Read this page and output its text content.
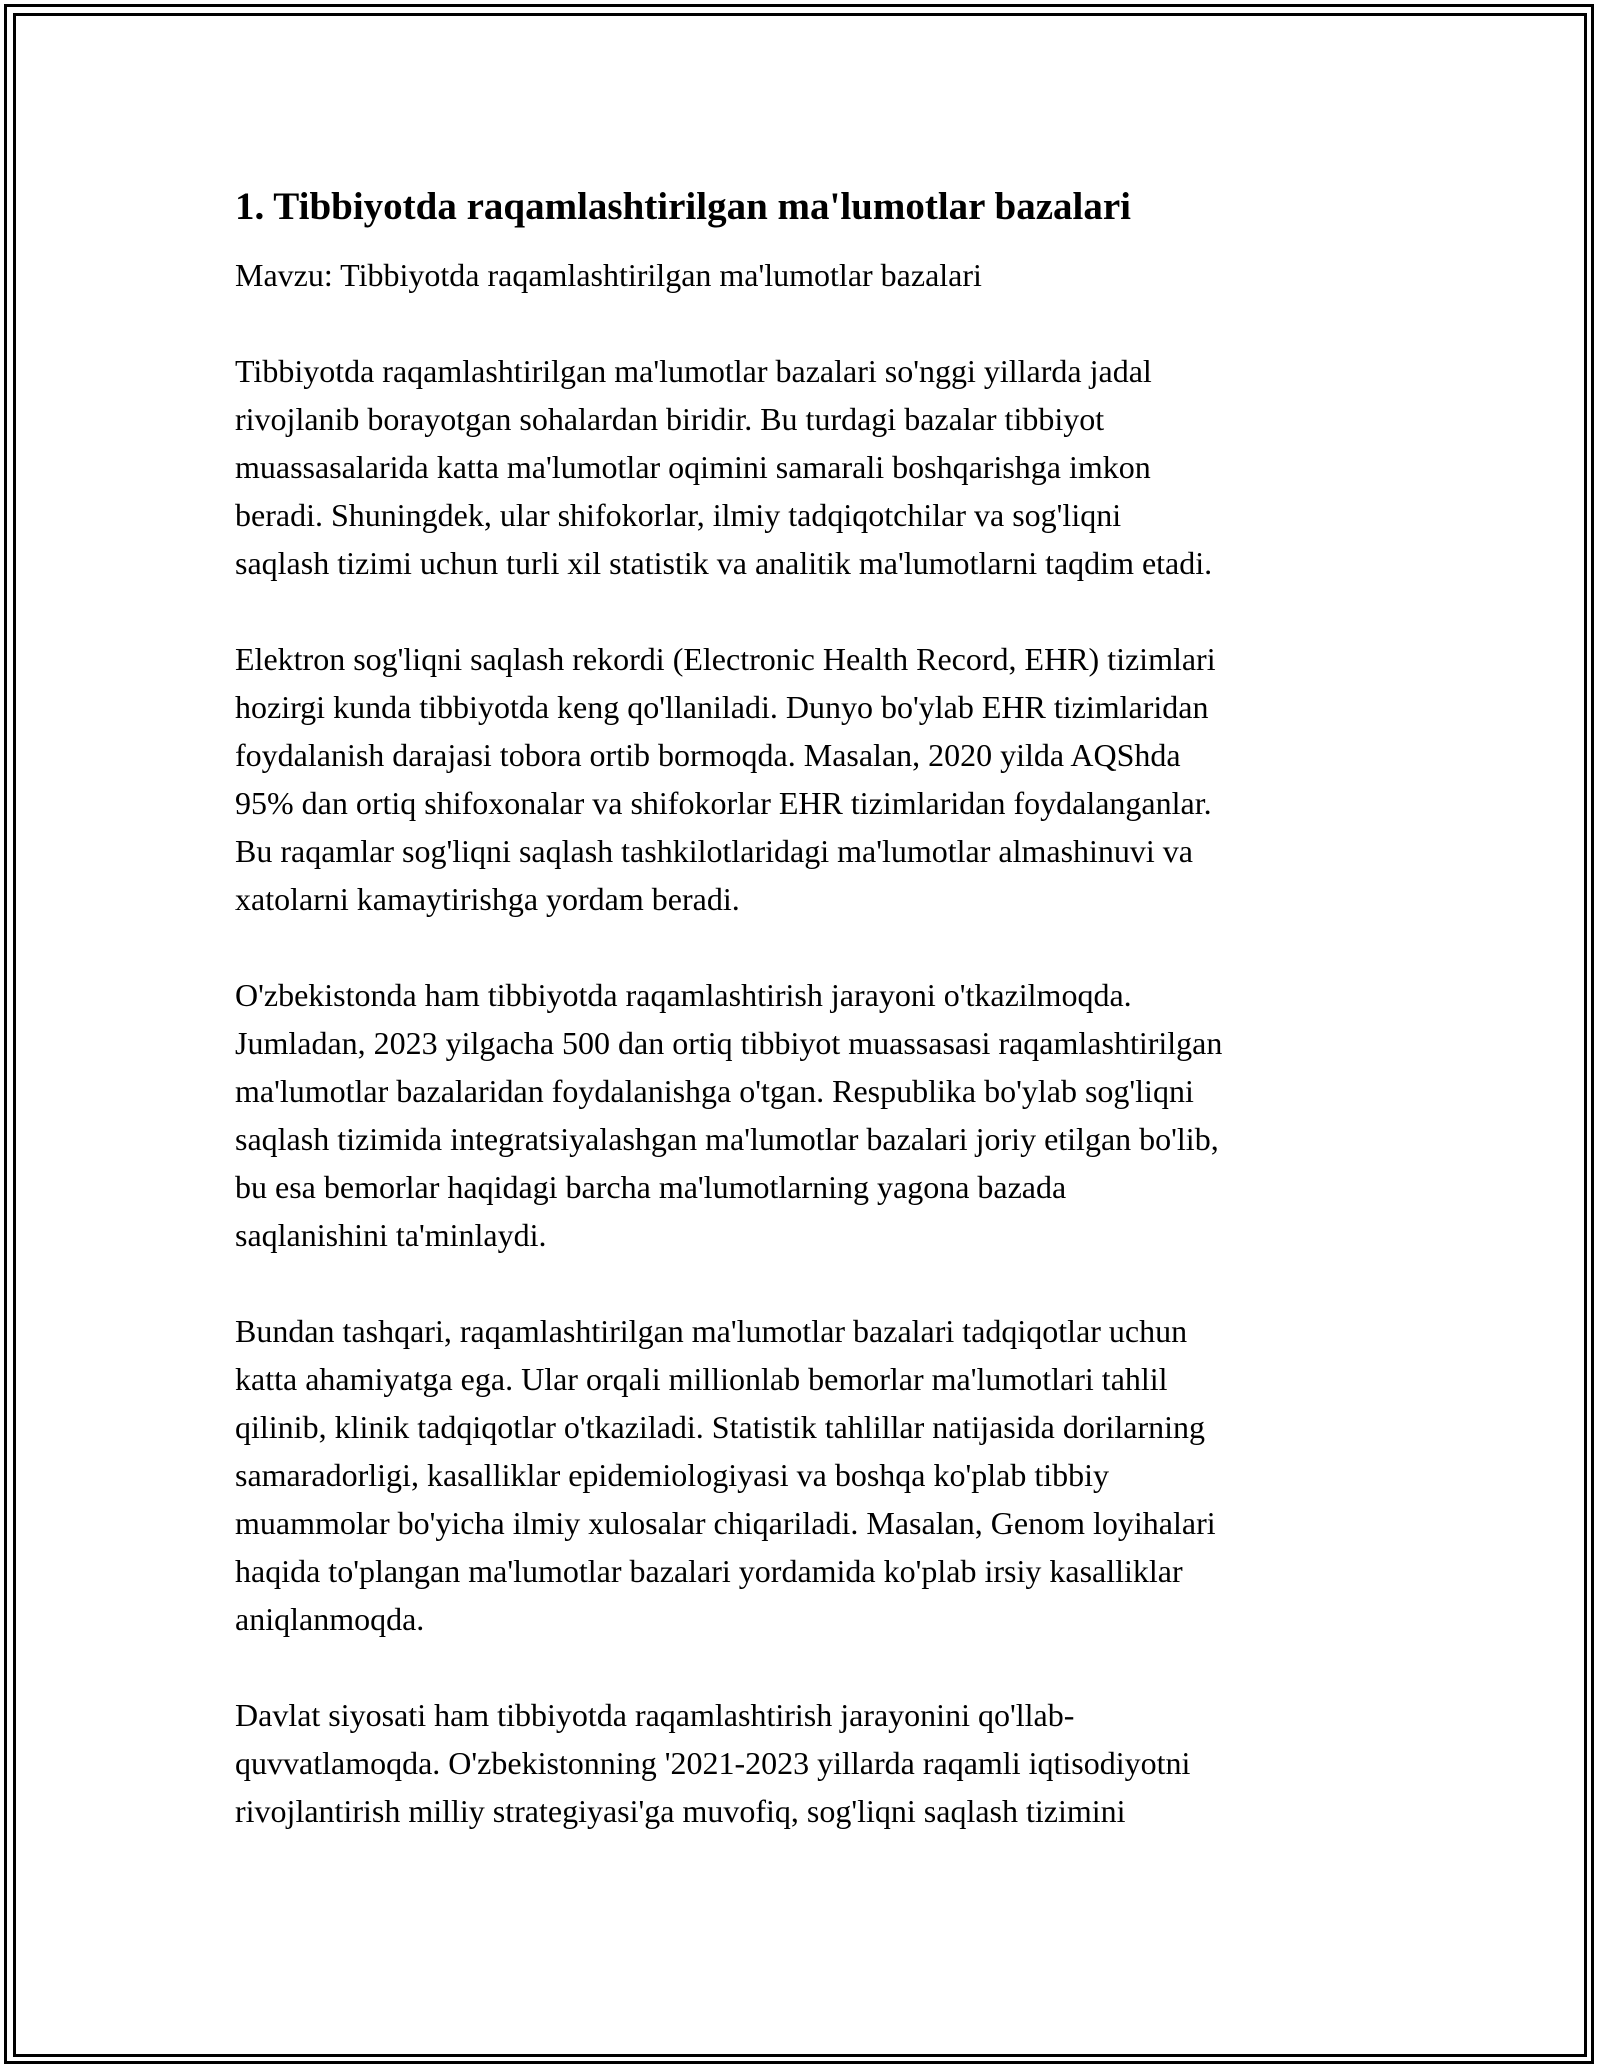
1. Tibbiyotda raqamlashtirilgan ma'lumotlar bazalari

Mavzu: Tibbiyotda raqamlashtirilgan ma'lumotlar bazalari

Tibbiyotda raqamlashtirilgan ma'lumotlar bazalari so'nggi yillarda jadal
rivojlanib borayotgan sohalardan biridir. Bu turdagi bazalar tibbiyot
muassasalarida katta ma'lumotlar oqimini samarali boshqarishga imkon
beradi. Shuningdek, ular shifokorlar, ilmiy tadqiqotchilar va sog'liqni
saqlash tizimi uchun turli xil statistik va analitik ma'lumotlarni taqdim etadi.

Elektron sog'liqni saqlash rekordi (Electronic Health Record, EHR) tizimlari
hozirgi kunda tibbiyotda keng qo'llaniladi. Dunyo bo'ylab EHR tizimlaridan
foydalanish darajasi tobora ortib bormoqda. Masalan, 2020 yilda AQShda
95% dan ortiq shifoxonalar va shifokorlar EHR tizimlaridan foydalanganlar.
Bu raqamlar sog'liqni saqlash tashkilotlaridagi ma'lumotlar almashinuvi va
xatolarni kamaytirishga yordam beradi.

O'zbekistonda ham tibbiyotda raqamlashtirish jarayoni o'tkazilmoqda.
Jumladan, 2023 yilgacha 500 dan ortiq tibbiyot muassasasi raqamlashtirilgan
ma'lumotlar bazalaridan foydalanishga o'tgan. Respublika bo'ylab sog'liqni
saqlash tizimida integratsiyalashgan ma'lumotlar bazalari joriy etilgan bo'lib,
bu esa bemorlar haqidagi barcha ma'lumotlarning yagona bazada
saqlanishini ta'minlaydi.

Bundan tashqari, raqamlashtirilgan ma'lumotlar bazalari tadqiqotlar uchun
katta ahamiyatga ega. Ular orqali millionlab bemorlar ma'lumotlari tahlil
qilinib, klinik tadqiqotlar o'tkaziladi. Statistik tahlillar natijasida dorilarning
samaradorligi, kasalliklar epidemiologiyasi va boshqa ko'plab tibbiy
muammolar bo'yicha ilmiy xulosalar chiqariladi. Masalan, Genom loyihalari
haqida to'plangan ma'lumotlar bazalari yordamida ko'plab irsiy kasalliklar
aniqlanmoqda.

Davlat siyosati ham tibbiyotda raqamlashtirish jarayonini qo'llab-
quvvatlamoqda. O'zbekistonning '2021-2023 yillarda raqamli iqtisodiyotni
rivojlantirish milliy strategiyasi'ga muvofiq, sog'liqni saqlash tizimini
